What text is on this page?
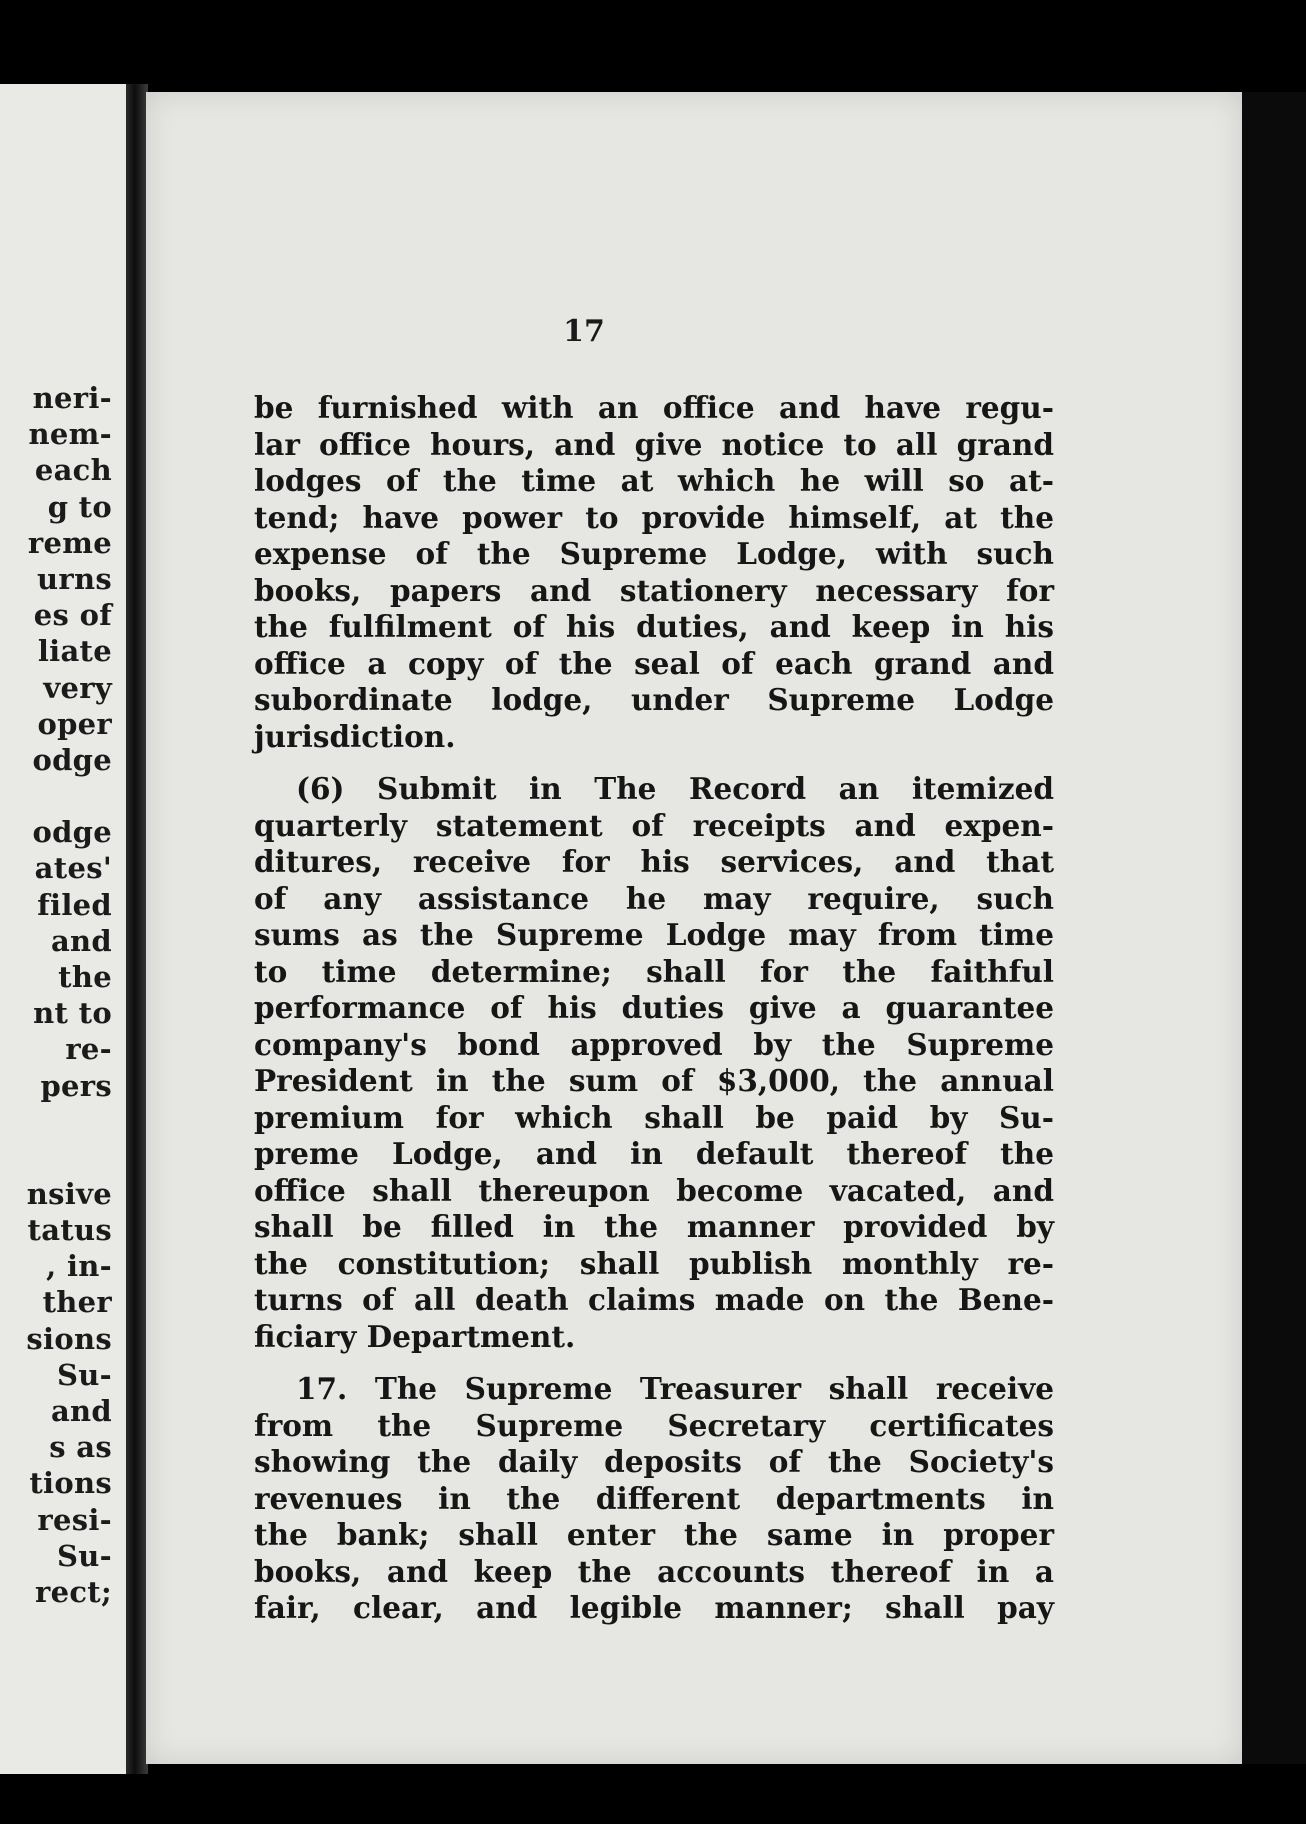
neri-
nem-
each
g to
reme
urns
es of
liate
very
oper
odge
odge
ates'
filed
and
the
nt to
re-
pers
nsive
tatus
, in-
ther
sions
Su-
and
s as
tions
resi-
Su-
rect;
17
be furnished with an office and have regu-
lar office hours, and give notice to all grand
lodges of the time at which he will so at-
tend; have power to provide himself, at the
expense of the Supreme Lodge, with such
books, papers and stationery necessary for
the fulfilment of his duties, and keep in his
office a copy of the seal of each grand and
subordinate lodge, under Supreme Lodge
jurisdiction.
(6) Submit in The Record an itemized
quarterly statement of receipts and expen-
ditures, receive for his services, and that
of any assistance he may require, such
sums as the Supreme Lodge may from time
to time determine; shall for the faithful
performance of his duties give a guarantee
company's bond approved by the Supreme
President in the sum of $3,000, the annual
premium for which shall be paid by Su-
preme Lodge, and in default thereof the
office shall thereupon become vacated, and
shall be filled in the manner provided by
the constitution; shall publish monthly re-
turns of all death claims made on the Bene-
ficiary Department.
17. The Supreme Treasurer shall receive
from the Supreme Secretary certificates
showing the daily deposits of the Society's
revenues in the different departments in
the bank; shall enter the same in proper
books, and keep the accounts thereof in a
fair, clear, and legible manner; shall pay
